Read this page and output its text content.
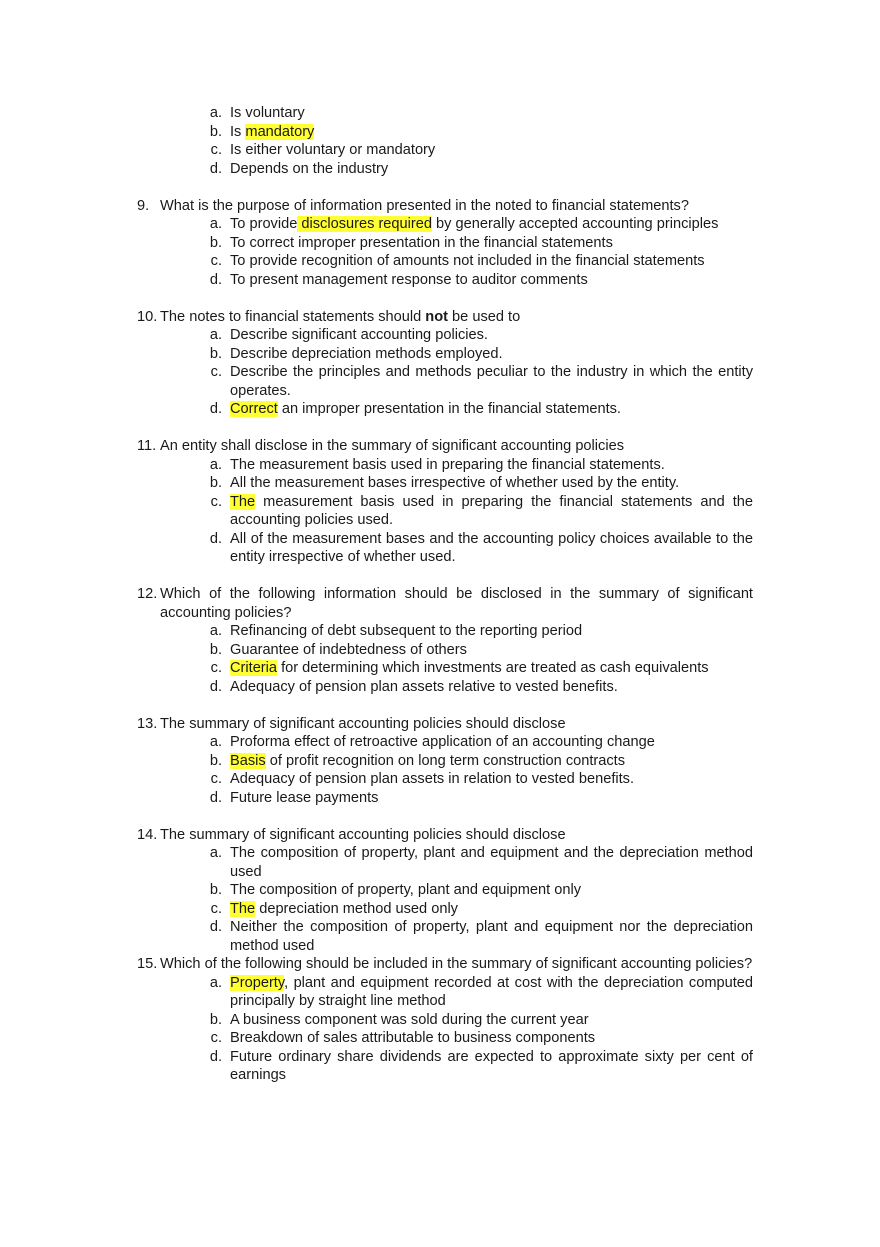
a. Is voluntary
b. Is mandatory
c. Is either voluntary or mandatory
d. Depends on the industry
9. What is the purpose of information presented in the noted to financial statements?
a. To provide disclosures required by generally accepted accounting principles
b. To correct improper presentation in the financial statements
c. To provide recognition of amounts not included in the financial statements
d. To present management response to auditor comments
10. The notes to financial statements should not be used to
a. Describe significant accounting policies.
b. Describe depreciation methods employed.
c. Describe the principles and methods peculiar to the industry in which the entity operates.
d. Correct an improper presentation in the financial statements.
11. An entity shall disclose in the summary of significant accounting policies
a. The measurement basis used in preparing the financial statements.
b. All the measurement bases irrespective of whether used by the entity.
c. The measurement basis used in preparing the financial statements and the accounting policies used.
d. All of the measurement bases and the accounting policy choices available to the entity irrespective of whether used.
12. Which of the following information should be disclosed in the summary of significant accounting policies?
a. Refinancing of debt subsequent to the reporting period
b. Guarantee of indebtedness of others
c. Criteria for determining which investments are treated as cash equivalents
d. Adequacy of pension plan assets relative to vested benefits.
13. The summary of significant accounting policies should disclose
a. Proforma effect of retroactive application of an accounting change
b. Basis of profit recognition on long term construction contracts
c. Adequacy of pension plan assets in relation to vested benefits.
d. Future lease payments
14. The summary of significant accounting policies should disclose
a. The composition of property, plant and equipment and the depreciation method used
b. The composition of property, plant and equipment only
c. The depreciation method used only
d. Neither the composition of property, plant and equipment nor the depreciation method used
15. Which of the following should be included in the summary of significant accounting policies?
a. Property, plant and equipment recorded at cost with the depreciation computed principally by straight line method
b. A business component was sold during the current year
c. Breakdown of sales attributable to business components
d. Future ordinary share dividends are expected to approximate sixty per cent of earnings
